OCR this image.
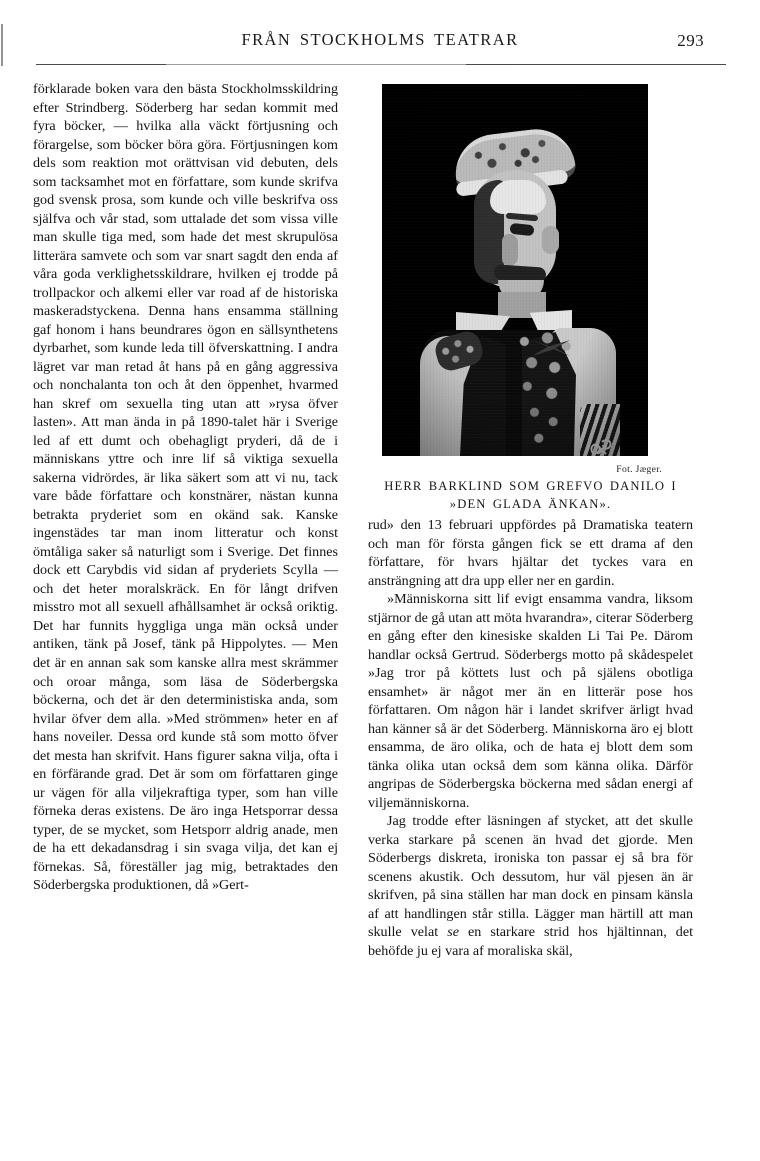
FRÅN STOCKHOLMS TEATRAR	293

förklarade boken vara den bästa Stockholmsskildring efter Strindberg. Söderberg har sedan kommit med fyra böcker, — hvilka alla väckt förtjusning och förargelse, som böcker böra göra. Förtjusningen kom dels som reaktion mot orättvisan vid debuten, dels som tacksamhet mot en författare, som kunde skrifva god svensk prosa, som kunde och ville beskrifva oss själfva och vår stad, som uttalade det som vissa ville man skulle tiga med, som hade det mest skrupulösa litterära samvete och som var snart sagdt den enda af våra goda verklighetsskildrare, hvilken ej trodde på trollpackor och alkemi eller var road af de historiska maskeradstyckena. Denna hans ensamma ställning gaf honom i hans beundrares ögon en sällsynthetens dyrbarhet, som kunde leda till öfverskattning. I andra lägret var man retad åt hans på en gång aggressiva och nonchalanta ton och åt den öppenhet, hvarmed han skref om sexuella ting utan att »rysa öfver lasten». Att man ända in på 1890-talet här i Sverige led af ett dumt och obehagligt pryderi, då de i människans yttre och inre lif så viktiga sexuella sakerna vidrördes, är lika säkert som att vi nu, tack vare både författare och konstnärer, nästan kunna betrakta pryderiet som en okänd sak. Kanske ingenstädes tar man inom litteratur och konst ömtåliga saker så naturligt som i Sverige. Det finnes dock ett Carybdis vid sidan af pryderiets Scylla — och det heter moralskräck. En för långt drifven misstro mot all sexuell afhållsamhet är också oriktig. Det har funnits hyggliga unga män också under antiken, tänk på Josef, tänk på Hippolytes. — Men det är en annan sak som kanske allra mest skrämmer och oroar många, som läsa de Söderbergska böckerna, och det är den deterministiska anda, som hvilar öfver dem alla. »Med strömmen» heter en af hans noveiler. Dessa ord kunde stå som motto öfver det mesta han skrifvit. Hans figurer sakna vilja, ofta i en förfärande grad. Det är som om författaren ginge ur vägen för alla viljekraftiga typer, som han ville förneka deras existens. De äro inga Hetsporrar dessa typer, de se mycket, som Hetsporr aldrig anade, men de ha ett dekadansdrag i sin svaga vilja, det kan ej förnekas. Så, föreställer jag mig, betraktades den Söderbergska produktionen, då »Gert-

Fot. Jæger.
HERR BARKLIND SOM GREFVO DANILO I
»DEN GLADA ÄNKAN».

rud» den 13 februari uppfördes på Dramatiska teatern och man för första gången fick se ett drama af den författare, för hvars hjältar det tyckes vara en ansträngning att dra upp eller ner en gardin.

»Människorna sitt lif evigt ensamma vandra, liksom stjärnor de gå utan att möta hvarandra», citerar Söderberg en gång efter den kinesiske skalden Li Tai Pe. Därom handlar också Gertrud. Söderbergs motto på skådespelet »Jag tror på köttets lust och på själens obotliga ensamhet» är något mer än en litterär pose hos författaren. Om någon här i landet skrifver ärligt hvad han känner så är det Söderberg. Människorna äro ej blott ensamma, de äro olika, och de hata ej blott dem som tänka olika utan också dem som känna olika. Därför angripas de Söderbergska böckerna med sådan energi af viljemänniskorna.

Jag trodde efter läsningen af stycket, att det skulle verka starkare på scenen än hvad det gjorde. Men Söderbergs diskreta, ironiska ton passar ej så bra för scenens akustik. Och dessutom, hur väl pjesen än är skrifven, på sina ställen har man dock en pinsam känsla af att handlingen står stilla. Lägger man härtill att man skulle velat se en starkare strid hos hjältinnan, det behöfde ju ej vara af moraliska skäl,
